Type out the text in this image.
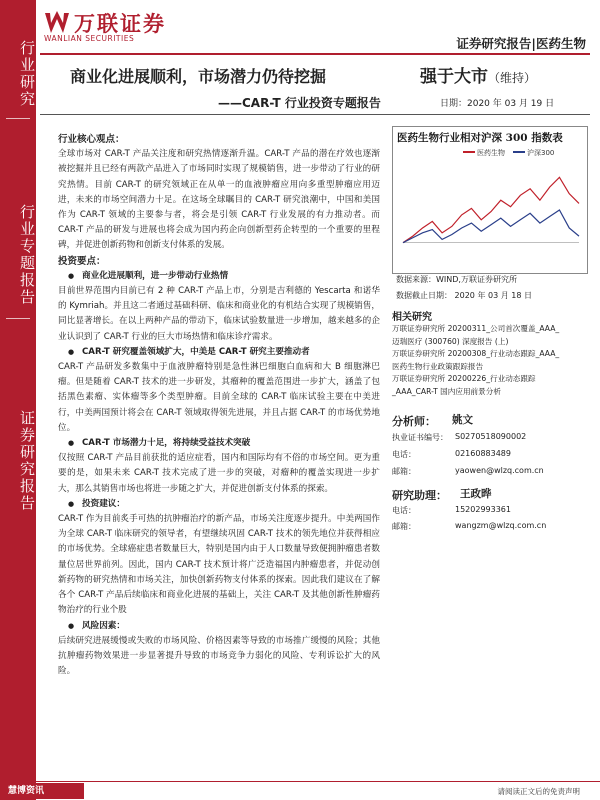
行业研究
行业专题报告
证券研究报告
万联证券
WANLIAN SECURITIES	证券研究报告|医药生物
商业化进展顺利，市场潜力仍待挖掘
——CAR-T 行业投资专题报告
强于大市（维持）
日期：2020 年 03 月 19 日

行业核心观点：

全球市场对 CAR-T 产品关注度和研究热情逐渐升温。CAR-T 产品的潜在疗效也逐渐被挖掘并且已经有两款产品进入了市场同时实现了规模销售，进一步带动了行业的研究热情。目前 CAR-T 的研究领域正在从单一的血液肿瘤应用向多重型肿瘤应用迈进，未来的市场空间潜力十足。在这场全球瞩目的 CAR-T 研究浪潮中，中国和美国作为 CAR-T 领域的主要参与者，将会是引领 CAR-T 行业发展的有力推动者。而 CAR-T 产品的研发与进展也将会成为国内药企向创新型药企转型的一个重要的里程碑，并促进创新药物和创新支付体系的发展。

投资要点：

● 商业化进展顺利，进一步带动行业热情

目前世界范围内目前已有 2 种 CAR-T 产品上市，分别是吉利德的 Yescarta 和诺华的 Kymriah。并且这二者通过基础科研、临床和商业化的有机结合实现了规模销售，同比显著增长。在以上两种产品的带动下，临床试验数量进一步增加，越来越多的企业认识到了 CAR-T 行业的巨大市场热情和临床诊疗需求。

● CAR-T 研究覆盖领域扩大，中美是 CAR-T 研究主要推动者

CAR-T 产品研发多数集中于血液肿瘤特别是急性淋巴细胞白血病和大 B 细胞淋巴瘤。但是随着 CAR-T 技术的进一步研发，其瘤种的覆盖范围进一步扩大，涵盖了包括黑色素瘤、实体瘤等多个类型肿瘤。目前全球的 CAR-T 临床试验主要在中美进行，中美两国预计将会在 CAR-T 领域取得领先进展，并且占据 CAR-T 的市场优势地位。

● CAR-T 市场潜力十足，将持续受益技术突破

仅按照 CAR-T 产品目前获批的适应症看，国内和国际均有不俗的市场空间。更为重要的是，如果未来 CAR-T 技术完成了进一步的突破，对瘤种的覆盖实现进一步扩大，那么其销售市场也将进一步随之扩大，并促进创新支付体系的探索。

● 投资建议：

CAR-T 作为目前炙手可热的抗肿瘤治疗的新产品，市场关注度逐步提升。中美两国作为全球 CAR-T 临床研究的领导者，有望继续巩固 CAR-T 技术的领先地位并获得相应的市场优势。全球癌症患者数量巨大，特别是国内由于人口数量导致便拥肿瘤患者数量位居世界前列。因此，国内 CAR-T 技术预计将广泛造福国内肿瘤患者，并促动创新药物的研究热情和市场关注，加快创新药物支付体系的探索。因此我们建议在了解各个 CAR-T 产品后续临床和商业化进展的基础上，关注 CAR-T 及其他创新性肿瘤药物治疗的行业个股

● 风险因素：

后续研究进展缓慢或失败的市场风险、价格因素等导致的市场推广缓慢的风险；其他抗肿瘤药物效果进一步显著提升导致的市场竞争力弱化的风险、专利诉讼扩大的风险。

医药生物行业相对沪深 300 指数表
医药生物	沪深300
数据来源：WIND,万联证券研究所
数据截止日期： 2020 年 03 月 18 日
相关研究
万联证券研究所 20200311_公司首次覆盖_AAA_
迈瑞医疗 (300760) 深度报告 (上)
万联证券研究所 20200308_行业动态跟踪_AAA_
医药生物行业政策跟踪报告
万联证券研究所 20200226_行业动态跟踪
_AAA_CAR-T 国内应用前景分析
分析师： 姚文
执业证书编号： S0270518090002
电话：	02160883489
邮箱：	yaowen@wlzq.com.cn
研究助理： 王政晔
电话：	15202993361
邮箱：	wangzm@wlzq.com.cn
慧博资讯	请阅读正文后的免责声明
